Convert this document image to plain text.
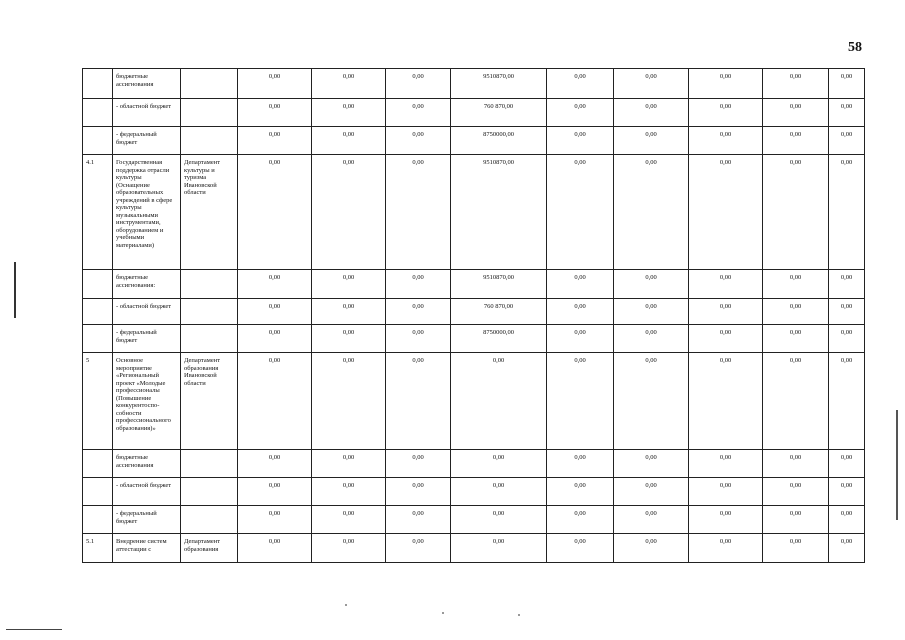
58
	бюджетные ассигнования		0,00	0,00	0,00	9510870,00	0,00	0,00	0,00	0,00	0,00	
	- областной бюджет		0,00	0,00	0,00	760 870,00	0,00	0,00	0,00	0,00	0,00	
	- федеральный бюджет		0,00	0,00	0,00	8750000,00	0,00	0,00	0,00	0,00	0,00	
4.1	Государственная поддержка отрасли культуры (Оснащение образовательных учреждений в сфере культуры музыкальными инструментами, оборудованием и учебными материалами)	Департамент культуры и туризма Ивановской области	0,00	0,00	0,00	9510870,00	0,00	0,00	0,00	0,00	0,00	
	бюджетные ассигнования:		0,00	0,00	0,00	9510870,00	0,00	0,00	0,00	0,00	0,00	
	- областной бюджет		0,00	0,00	0,00	760 870,00	0,00	0,00	0,00	0,00	0,00	
	- федеральный бюджет		0,00	0,00	0,00	8750000,00	0,00	0,00	0,00	0,00	0,00	
5	Основное мероприятие «Региональный проект «Молодые профессионалы (Повышение конкурентоспо-собности профессионального образования)»	Департамент образования Ивановской области	0,00	0,00	0,00	0,00	0,00	0,00	0,00	0,00	0,00	
	бюджетные ассигнования		0,00	0,00	0,00	0,00	0,00	0,00	0,00	0,00	0,00	
	- областной бюджет		0,00	0,00	0,00	0,00	0,00	0,00	0,00	0,00	0,00	
	- федеральный бюджет		0,00	0,00	0,00	0,00	0,00	0,00	0,00	0,00	0,00	
5.1	Внедрение систем аттестации с	Департамент образования	0,00	0,00	0,00	0,00	0,00	0,00	0,00	0,00	0,00	
